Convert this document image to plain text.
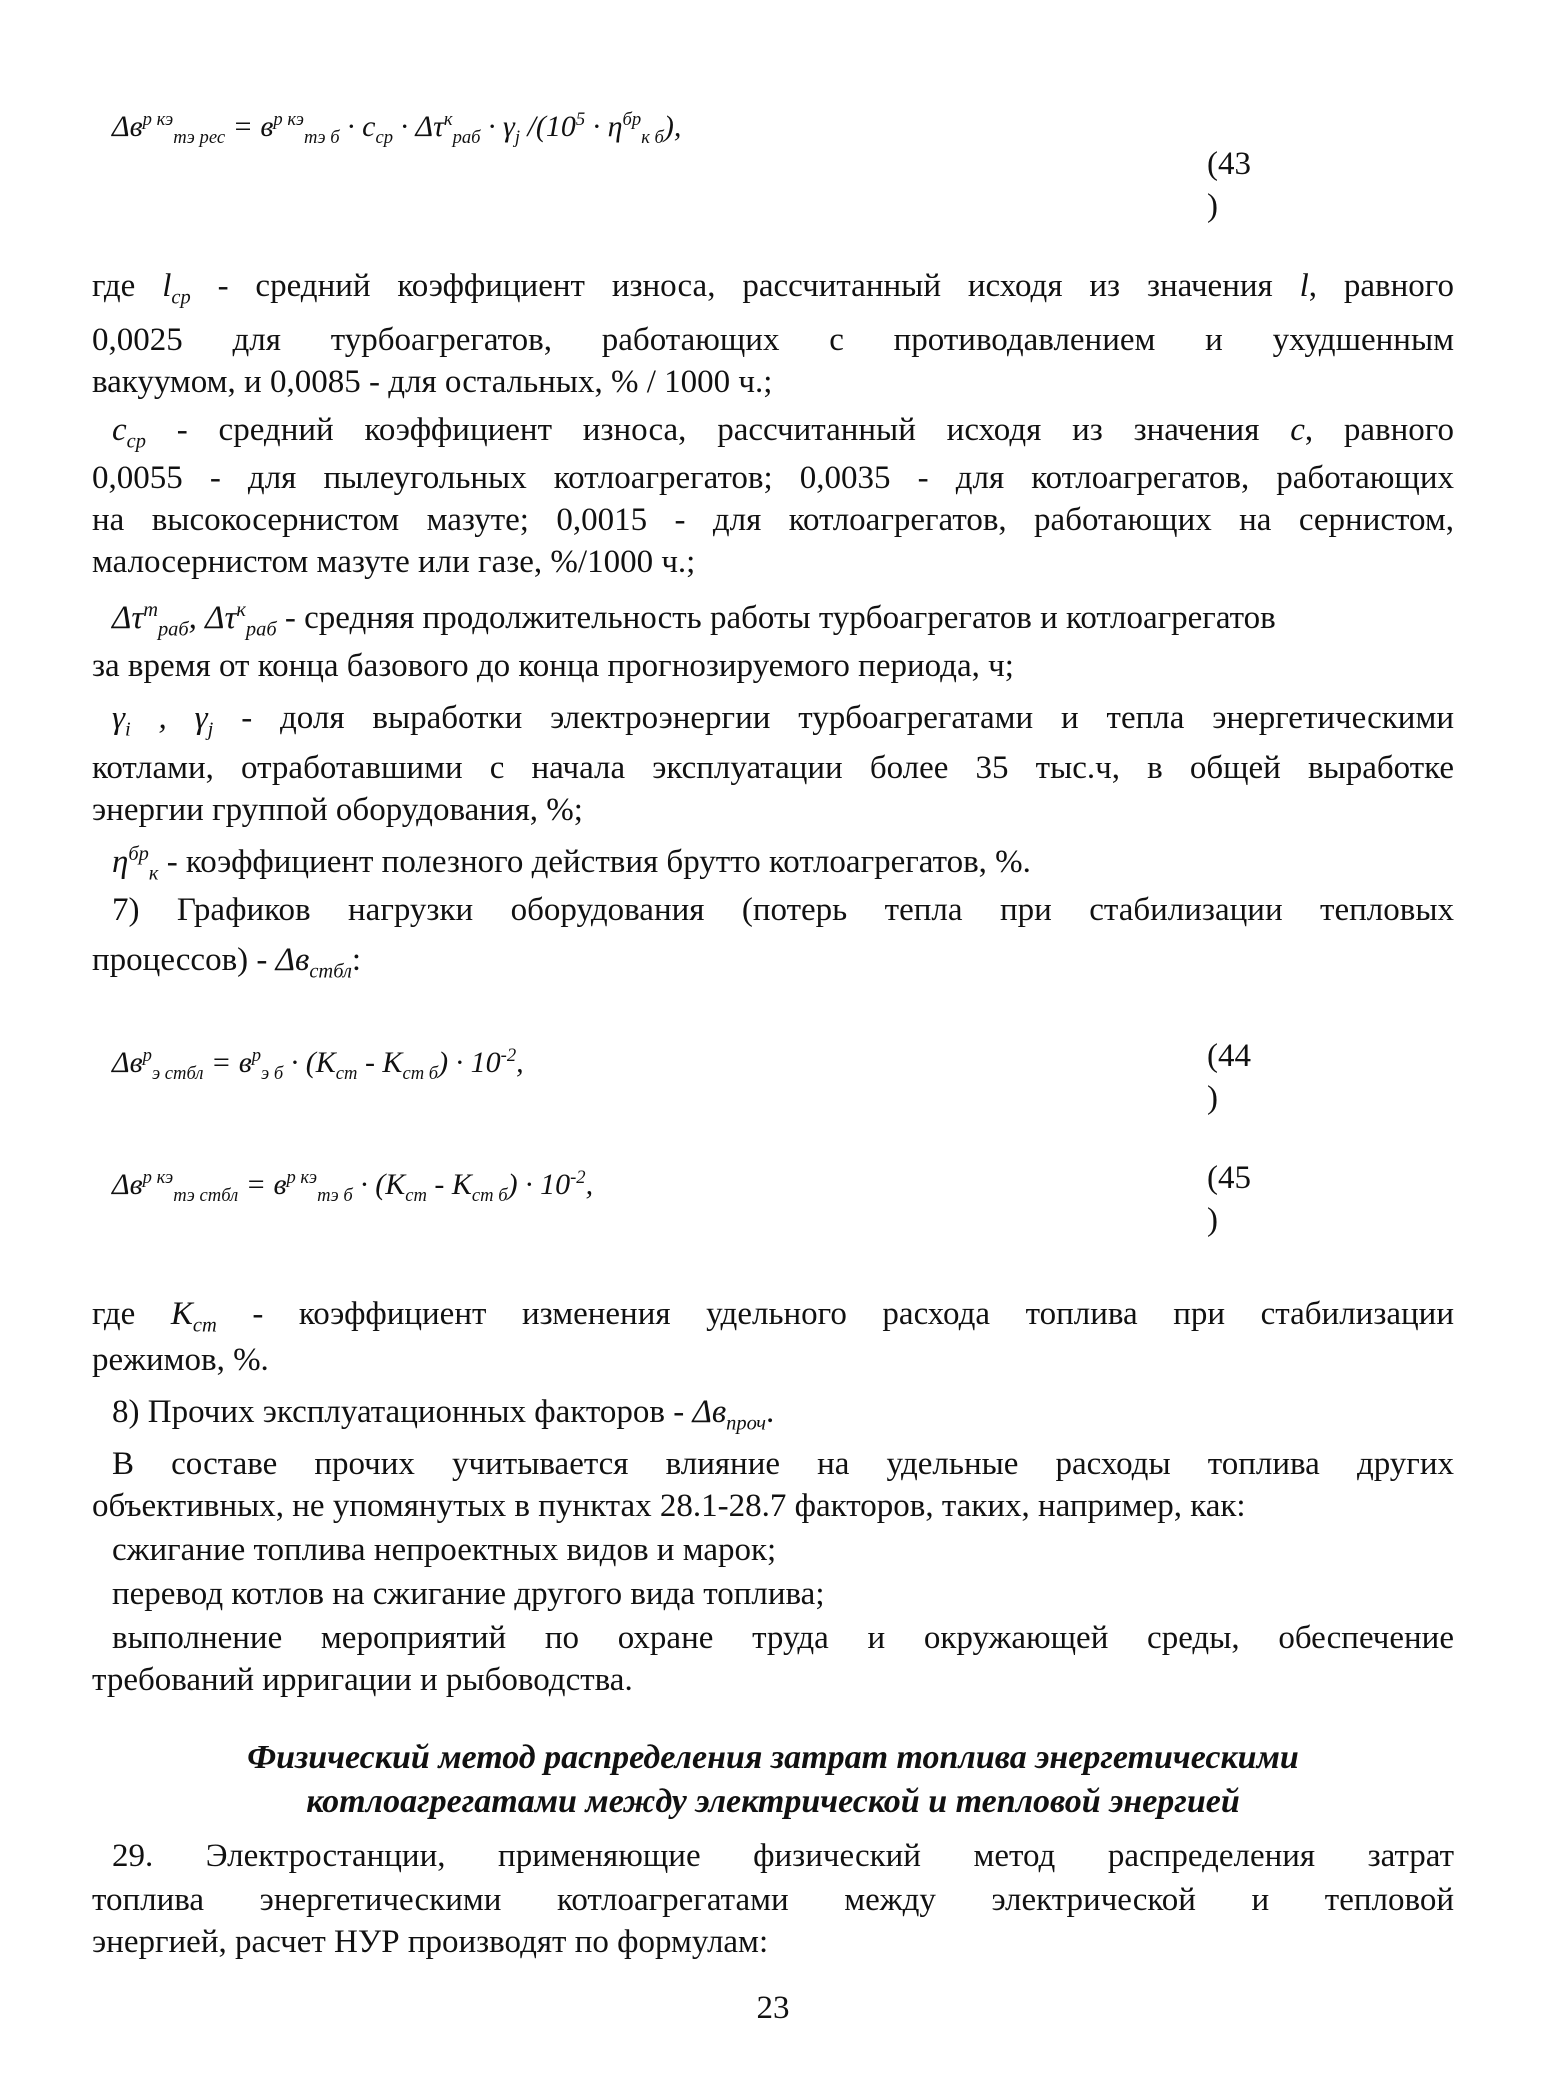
$\Delta в^{р кэ}_{тэ рес} = в^{р кэ}_{тэ б} \cdot c_{ср} \cdot \Delta\tau^к_{раб} \cdot \gamma_j$ $/(10^5 \cdot \eta^{бр}_{к б})$,
(43
)
где $l_{ср}$ - средний коэффициент износа, рассчитанный исходя из значения l, равного
0,0025 для турбоагрегатов, работающих с противодавлением и ухудшенным
вакуумом, и 0,0085 - для остальных, % / 1000 ч.;
$c_{ср}$ - средний коэффициент износа, рассчитанный исходя из значения c, равного
0,0055 - для пылеугольных котлоагрегатов; 0,0035 - для котлоагрегатов, работающих
на высокосернистом мазуте; 0,0015 - для котлоагрегатов, работающих на сернистом,
малосернистом мазуте или газе, %/1000 ч.;
$\Delta\tau^т_{раб}$, $\Delta\tau^к_{раб}$ - средняя продолжительность работы турбоагрегатов и котлоагрегатов
за время от конца базового до конца прогнозируемого периода, ч;
$\gamma_i$ , $\gamma_j$ - доля выработки электроэнергии турбоагрегатами и тепла энергетическими
котлами, отработавшими с начала эксплуатации более 35 тыс.ч, в общей выработке
энергии группой оборудования, %;
$\eta^{бр}_к$ - коэффициент полезного действия брутто котлоагрегатов, %.
7) Графиков нагрузки оборудования (потерь тепла при стабилизации тепловых
процессов) - $\Delta в_{стбл}$:
$\Delta в^р_{э стбл} = в^р_{э б} \cdot (K_{ст} - K_{ст б}) \cdot 10^{-2}$,	(44
)
$\Delta в^{р кэ}_{тэ стбл} = в^{р кэ}_{тэ б} \cdot (K_{ст} - K_{ст б}) \cdot 10^{-2}$,	(45
)
где $K_{ст}$ - коэффициент изменения удельного расхода топлива при стабилизации
режимов, %.
8) Прочих эксплуатационных факторов - $\Delta в_{проч}$.
В составе прочих учитывается влияние на удельные расходы топлива других
объективных, не упомянутых в пунктах 28.1-28.7 факторов, таких, например, как:
сжигание топлива непроектных видов и марок;
перевод котлов на сжигание другого вида топлива;
выполнение мероприятий по охране труда и окружающей среды, обеспечение
требований ирригации и рыбоводства.
Физический метод распределения затрат топлива энергетическими
котлоагрегатами между электрической и тепловой энергией
29. Электростанции, применяющие физический метод распределения затрат
топлива энергетическими котлоагрегатами между электрической и тепловой
энергией, расчет НУР производят по формулам:
23
